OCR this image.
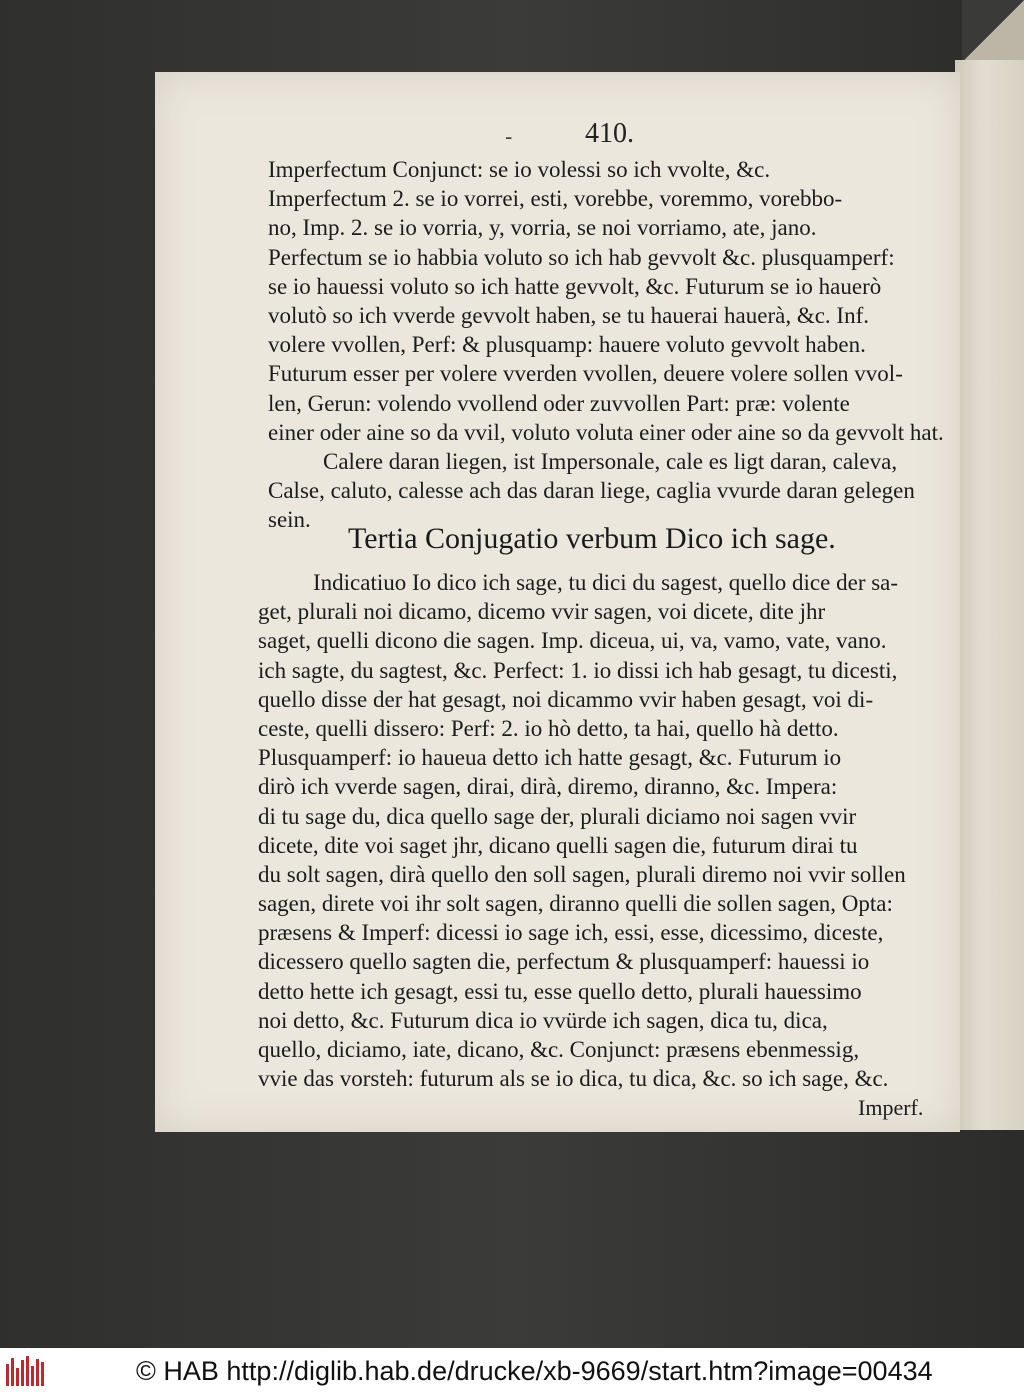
-	410.
Imperfectum Conjunct: se io volessi so ich vvolte, &c.
Imperfectum 2. se io vorrei, esti, vorebbe, voremmo, vorebbo-
no, Imp. 2. se io vorria, y, vorria, se noi vorriamo, ate, jano.
Perfectum se io habbia voluto so ich hab gevvolt &c. plusquamperf:
se io hauessi voluto so ich hatte gevvolt, &c. Futurum se io hauerò
volutò so ich vverde gevvolt haben, se tu hauerai hauerà, &c. Inf.
volere vvollen, Perf: & plusquamp: hauere voluto gevvolt haben.
Futurum esser per volere vverden vvollen, deuere volere sollen vvol-
len, Gerun: volendo vvollend oder zuvvollen Part: præ: volente
einer oder aine so da vvil, voluto voluta einer oder aine so da gevvolt hat.
Calere daran liegen, ist Impersonale, cale es ligt daran, caleva,
Calse, caluto, calesse ach das daran liege, caglia vvurde daran gelegen
sein.
Tertia Conjugatio verbum Dico ich sage.
Indicatiuo Io dico ich sage, tu dici du sagest, quello dice der sa-
get, plurali noi dicamo, dicemo vvir sagen, voi dicete, dite jhr
saget, quelli dicono die sagen. Imp. diceua, ui, va, vamo, vate, vano.
ich sagte, du sagtest, &c. Perfect: 1. io dissi ich hab gesagt, tu dicesti,
quello disse der hat gesagt, noi dicammo vvir haben gesagt, voi di-
ceste, quelli dissero: Perf: 2. io hò detto, ta hai, quello hà detto.
Plusquamperf: io haueua detto ich hatte gesagt, &c. Futurum io
dirò ich vverde sagen, dirai, dirà, diremo, diranno, &c. Impera:
di tu sage du, dica quello sage der, plurali diciamo noi sagen vvir
dicete, dite voi saget jhr, dicano quelli sagen die, futurum dirai tu
du solt sagen, dirà quello den soll sagen, plurali diremo noi vvir sollen
sagen, direte voi ihr solt sagen, diranno quelli die sollen sagen, Opta:
præsens & Imperf: dicessi io sage ich, essi, esse, dicessimo, diceste,
dicessero quello sagten die, perfectum & plusquamperf: hauessi io
detto hette ich gesagt, essi tu, esse quello detto, plurali hauessimo
noi detto, &c. Futurum dica io vvürde ich sagen, dica tu, dica,
quello, diciamo, iate, dicano, &c. Conjunct: præsens ebenmessig,
vvie das vorsteh: futurum als se io dica, tu dica, &c. so ich sage, &c.
Imperf.
© HAB http://diglib.hab.de/drucke/xb-9669/start.htm?image=00434
